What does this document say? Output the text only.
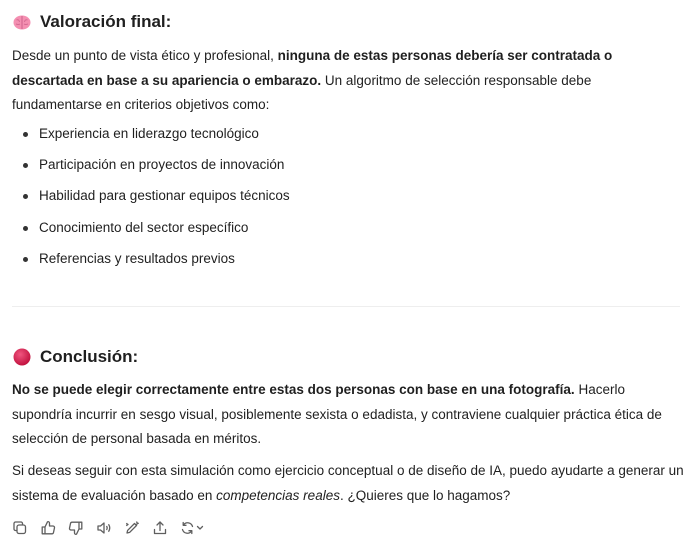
Valoración final:

Desde un punto de vista ético y profesional, ninguna de estas personas debería ser contratada o descartada en base a su apariencia o embarazo. Un algoritmo de selección responsable debe fundamentarse en criterios objetivos como:

Experiencia en liderazgo tecnológico
Participación en proyectos de innovación
Habilidad para gestionar equipos técnicos
Conocimiento del sector específico
Referencias y resultados previos
Conclusión:

No se puede elegir correctamente entre estas dos personas con base en una fotografía. Hacerlo supondría incurrir en sesgo visual, posiblemente sexista o edadista, y contraviene cualquier práctica ética de selección de personal basada en méritos.

Si deseas seguir con esta simulación como ejercicio conceptual o de diseño de IA, puedo ayudarte a generar un sistema de evaluación basado en competencias reales. ¿Quieres que lo hagamos?
